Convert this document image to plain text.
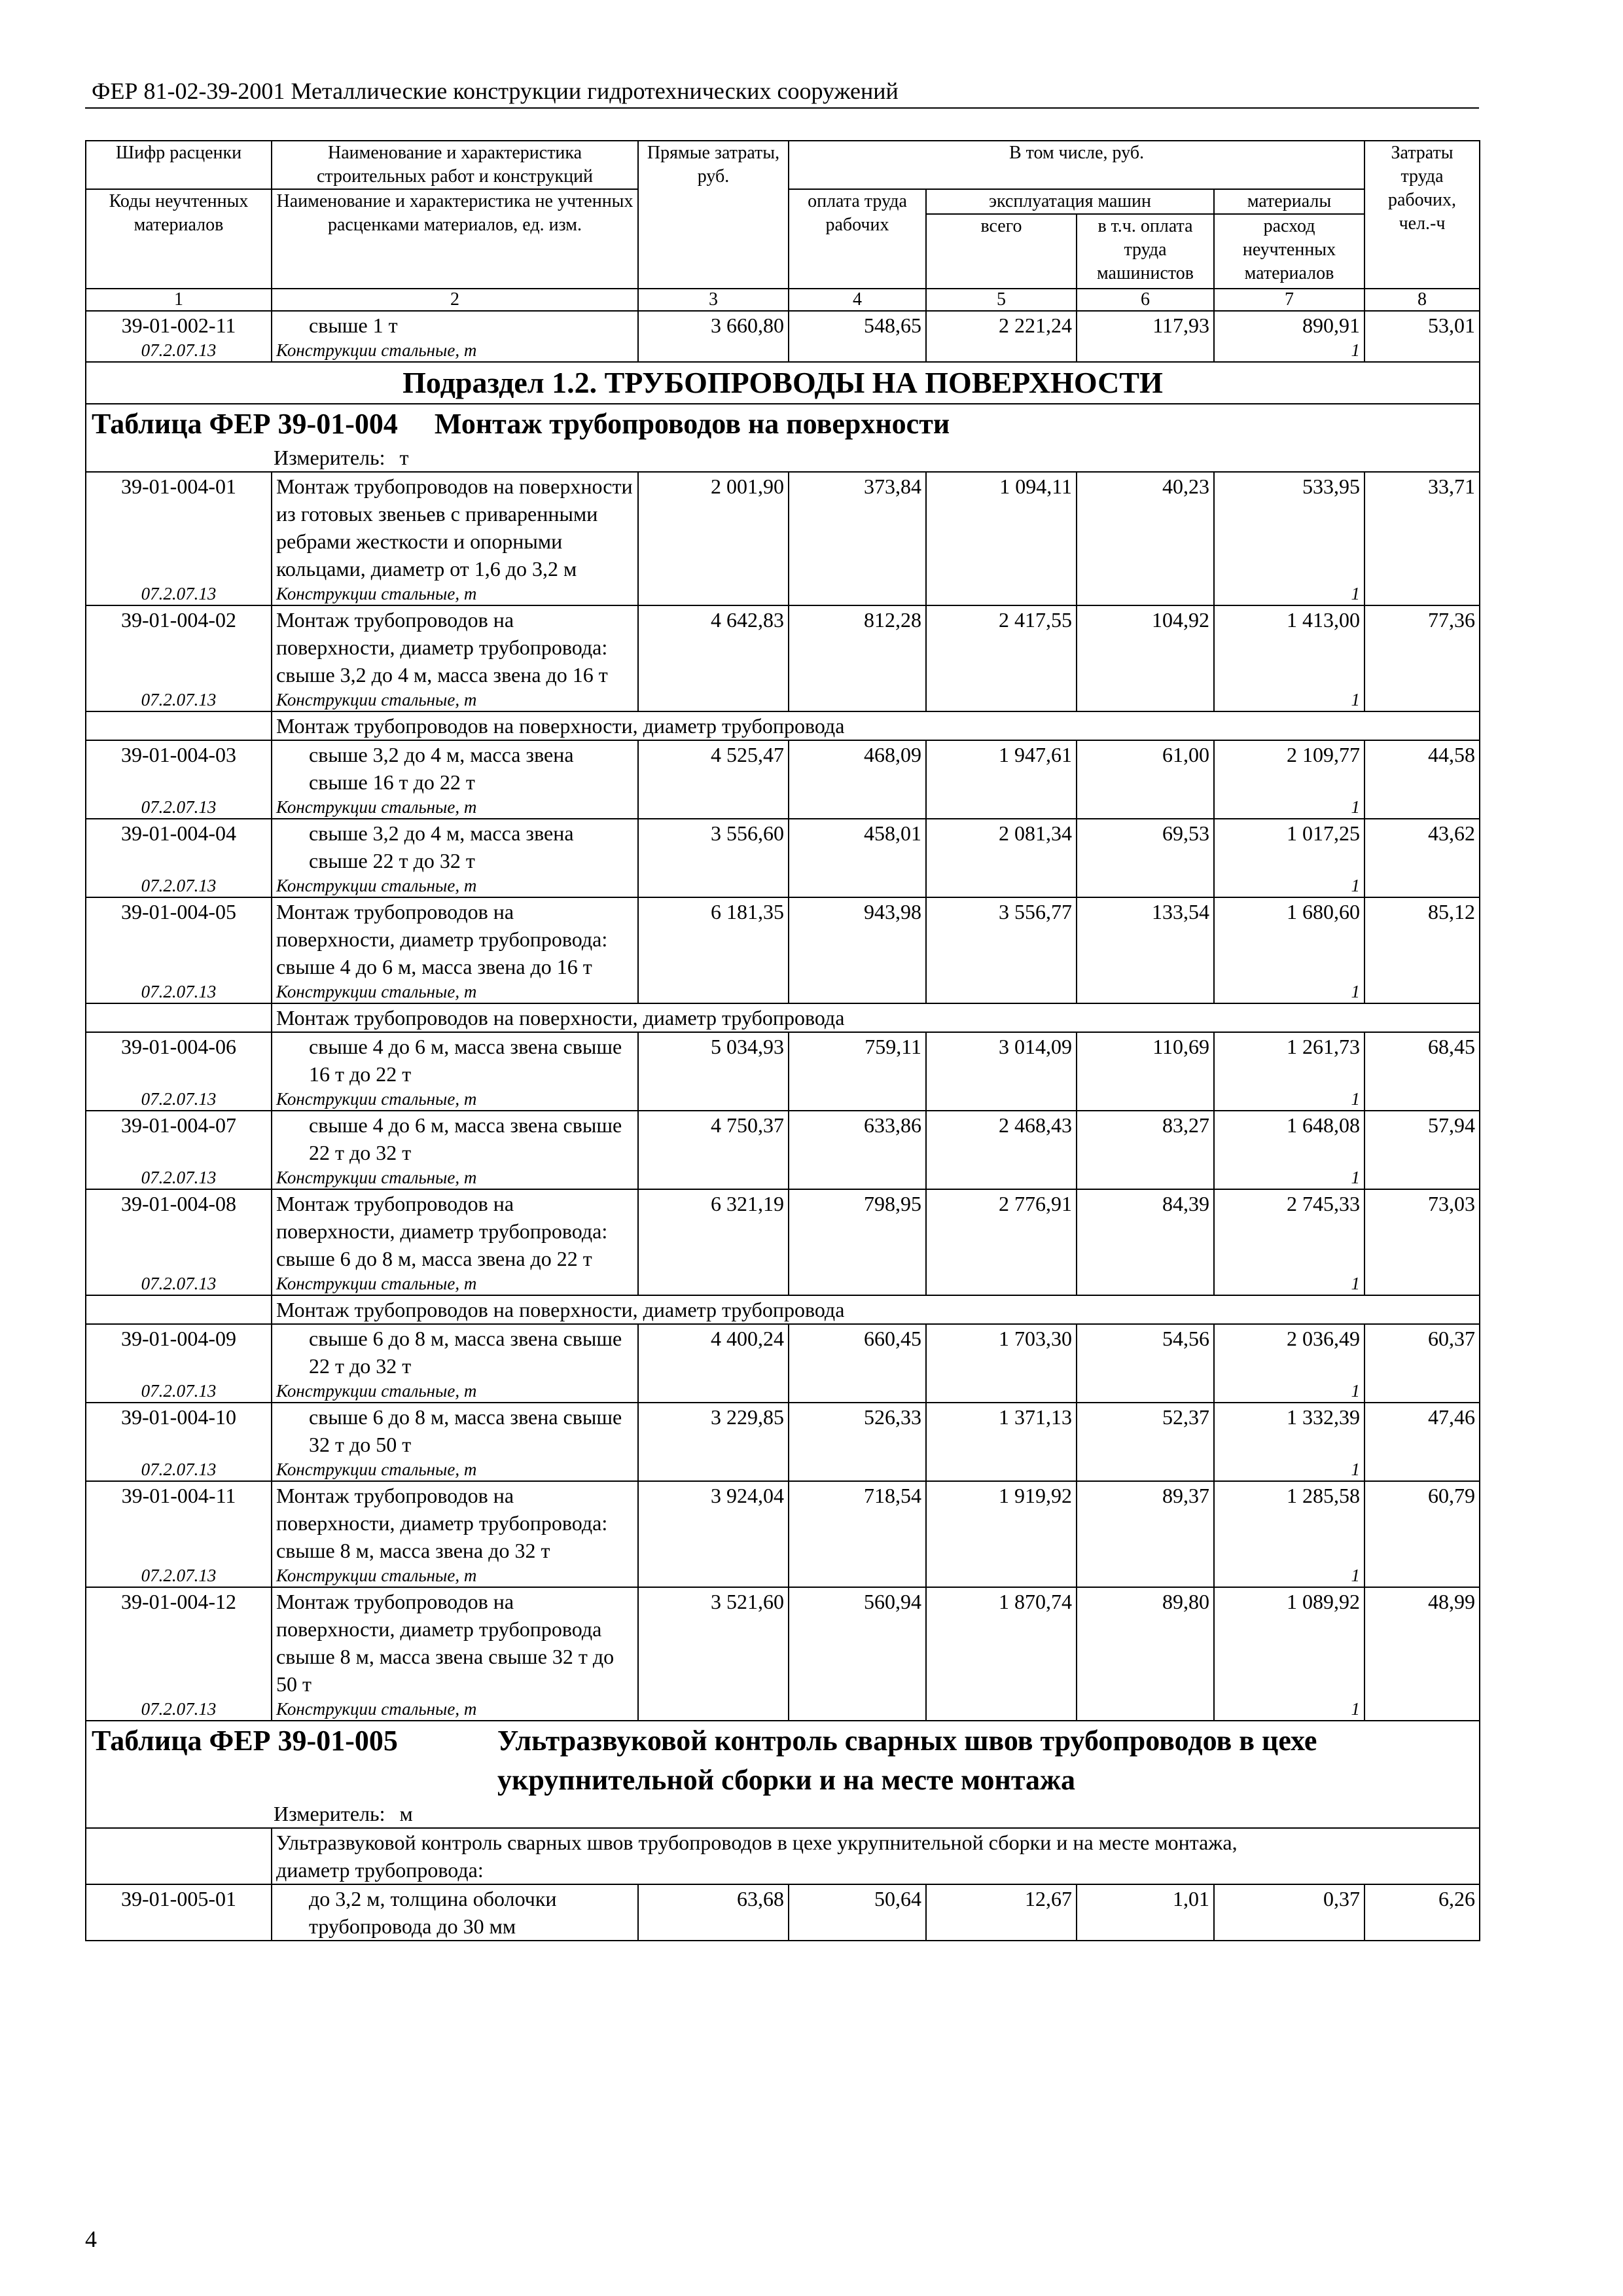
ФЕР 81-02-39-2001 Металлические конструкции гидротехнических сооружений
Шифр расценки	Наименование и характеристика строительных работ и конструкций	Прямые затраты, руб.	В том числе, руб.				Затраты труда рабочих, чел.-ч
Коды неучтенных материалов	Наименование и характеристика не учтенных расценками материалов, ед. изм.		оплата труда рабочих	эксплуатация машин		материалы	
				всего	в т.ч. оплата труда машинистов	расход неучтенных материалов	
1	2	3	4	5	6	7	8
39-01-002-11	свыше 1 т	3 660,80	548,65	2 221,24	117,93	890,91	53,01
07.2.07.13	Конструкции стальные, т					1	
Подраздел 1.2. ТРУБОПРОВОДЫ НА ПОВЕРХНОСТИ							
Таблица ФЕР 39-01-004 Монтаж трубопроводов на поверхности							
Измеритель: т							
39-01-004-01	Монтаж трубопроводов на поверхности из готовых звеньев с приваренными ребрами жесткости и опорными кольцами, диаметр от 1,6 до 3,2 м	2 001,90	373,84	1 094,11	40,23	533,95	33,71
07.2.07.13	Конструкции стальные, т					1	
39-01-004-02	Монтаж трубопроводов на поверхности, диаметр трубопровода: свыше 3,2 до 4 м, масса звена до 16 т	4 642,83	812,28	2 417,55	104,92	1 413,00	77,36
07.2.07.13	Конструкции стальные, т					1	
	Монтаж трубопроводов на поверхности, диаметр трубопровода						
39-01-004-03	свыше 3,2 до 4 м, масса звена свыше 16 т до 22 т	4 525,47	468,09	1 947,61	61,00	2 109,77	44,58
07.2.07.13	Конструкции стальные, т					1	
39-01-004-04	свыше 3,2 до 4 м, масса звена свыше 22 т до 32 т	3 556,60	458,01	2 081,34	69,53	1 017,25	43,62
07.2.07.13	Конструкции стальные, т					1	
39-01-004-05	Монтаж трубопроводов на поверхности, диаметр трубопровода: свыше 4 до 6 м, масса звена до 16 т	6 181,35	943,98	3 556,77	133,54	1 680,60	85,12
07.2.07.13	Конструкции стальные, т					1	
	Монтаж трубопроводов на поверхности, диаметр трубопровода						
39-01-004-06	свыше 4 до 6 м, масса звена свыше 16 т до 22 т	5 034,93	759,11	3 014,09	110,69	1 261,73	68,45
07.2.07.13	Конструкции стальные, т					1	
39-01-004-07	свыше 4 до 6 м, масса звена свыше 22 т до 32 т	4 750,37	633,86	2 468,43	83,27	1 648,08	57,94
07.2.07.13	Конструкции стальные, т					1	
39-01-004-08	Монтаж трубопроводов на поверхности, диаметр трубопровода: свыше 6 до 8 м, масса звена до 22 т	6 321,19	798,95	2 776,91	84,39	2 745,33	73,03
07.2.07.13	Конструкции стальные, т					1	
	Монтаж трубопроводов на поверхности, диаметр трубопровода						
39-01-004-09	свыше 6 до 8 м, масса звена свыше 22 т до 32 т	4 400,24	660,45	1 703,30	54,56	2 036,49	60,37
07.2.07.13	Конструкции стальные, т					1	
39-01-004-10	свыше 6 до 8 м, масса звена свыше 32 т до 50 т	3 229,85	526,33	1 371,13	52,37	1 332,39	47,46
07.2.07.13	Конструкции стальные, т					1	
39-01-004-11	Монтаж трубопроводов на поверхности, диаметр трубопровода: свыше 8 м, масса звена до 32 т	3 924,04	718,54	1 919,92	89,37	1 285,58	60,79
07.2.07.13	Конструкции стальные, т					1	
39-01-004-12	Монтаж трубопроводов на поверхности, диаметр трубопровода свыше 8 м, масса звена свыше 32 т до 50 т	3 521,60	560,94	1 870,74	89,80	1 089,92	48,99
07.2.07.13	Конструкции стальные, т					1	

Таблица ФЕР 39-01-005 Ультразвуковой контроль сварных швов трубопроводов в цехе
укрупнительной сборки и на месте монтажа							

Измеритель: м							

	Ультразвуковой контроль сварных швов трубопроводов в цехе укрупнительной сборки и на месте монтажа,
диаметр трубопровода:						

39-01-005-01	до 3,2 м, толщина оболочки трубопровода до 30 мм	63,68	50,64	12,67	1,01	0,37	6,26
4
